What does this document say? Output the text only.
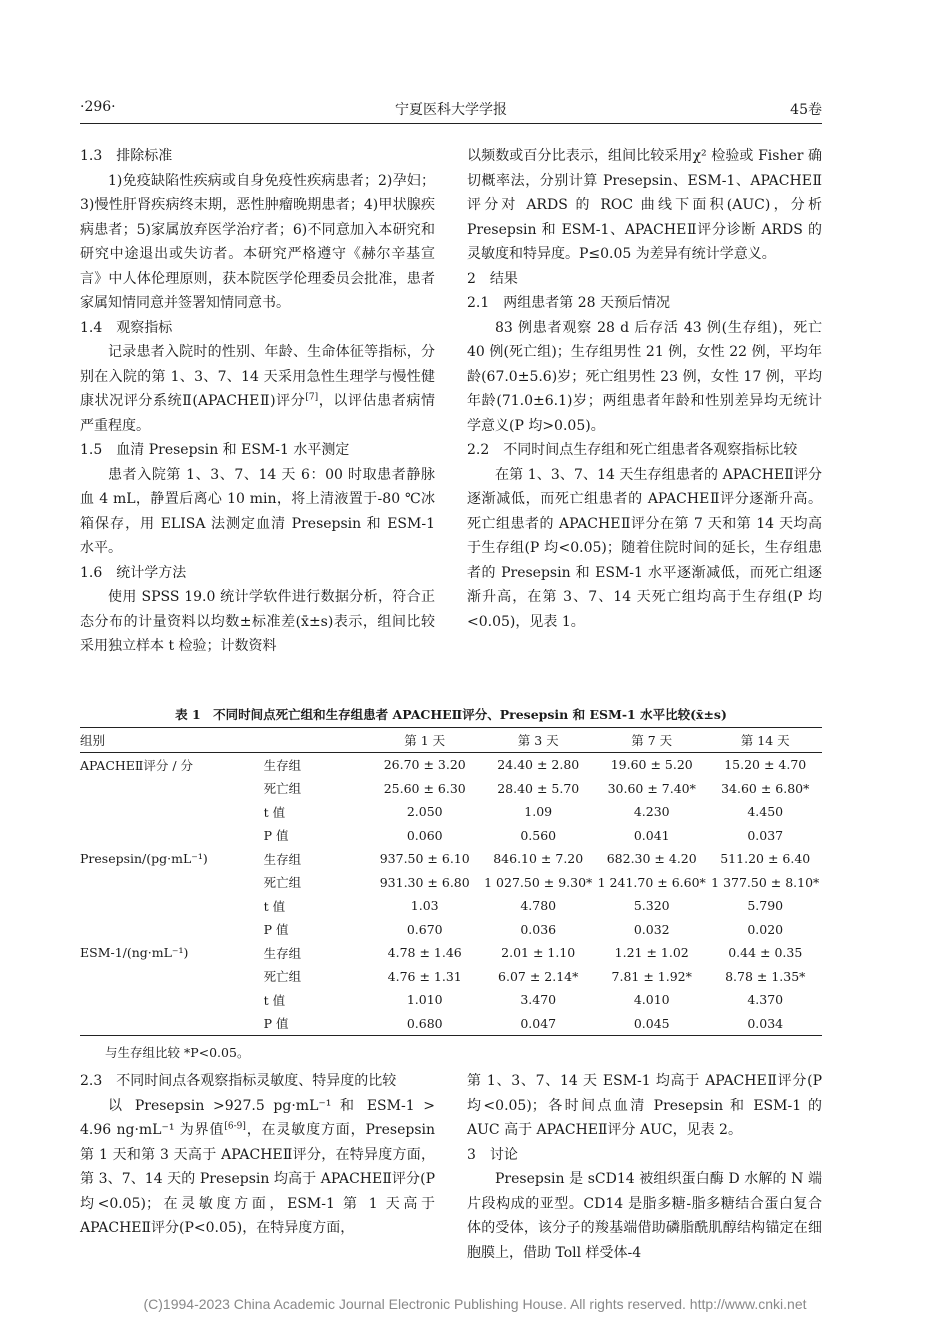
·296·	宁夏医科大学学报	45卷

1.3　排除标准

1)免疫缺陷性疾病或自身免疫性疾病患者；2)孕妇；3)慢性肝肾疾病终末期，恶性肿瘤晚期患者；4)甲状腺疾病患者；5)家属放弃医学治疗者；6)不同意加入本研究和研究中途退出或失访者。本研究严格遵守《赫尔辛基宣言》中人体伦理原则，获本院医学伦理委员会批准，患者家属知情同意并签署知情同意书。

1.4　观察指标

记录患者入院时的性别、年龄、生命体征等指标，分别在入院的第 1、3、7、14 天采用急性生理学与慢性健康状况评分系统Ⅱ(APACHEⅡ)评分[7]，以评估患者病情严重程度。

1.5　血清 Presepsin 和 ESM-1 水平测定

患者入院第 1、3、7、14 天 6：00 时取患者静脉血 4 mL，静置后离心 10 min，将上清液置于-80 ℃冰箱保存，用 ELISA 法测定血清 Presepsin 和 ESM-1 水平。

1.6　统计学方法

使用 SPSS 19.0 统计学软件进行数据分析，符合正态分布的计量资料以均数±标准差(x̄±s)表示，组间比较采用独立样本 t 检验；计数资料

以频数或百分比表示，组间比较采用χ² 检验或 Fisher 确切概率法，分别计算 Presepsin、ESM-1、APACHEⅡ评分对 ARDS 的 ROC 曲线下面积(AUC)，分析 Presepsin 和 ESM-1、APACHEⅡ评分诊断 ARDS 的灵敏度和特异度。P≤0.05 为差异有统计学意义。

2　结果

2.1　两组患者第 28 天预后情况

83 例患者观察 28 d 后存活 43 例(生存组)，死亡 40 例(死亡组)；生存组男性 21 例，女性 22 例，平均年龄(67.0±5.6)岁；死亡组男性 23 例，女性 17 例，平均年龄(71.0±6.1)岁；两组患者年龄和性别差异均无统计学意义(P 均>0.05)。

2.2　不同时间点生存组和死亡组患者各观察指标比较

在第 1、3、7、14 天生存组患者的 APACHEⅡ评分逐渐减低，而死亡组患者的 APACHEⅡ评分逐渐升高。死亡组患者的 APACHEⅡ评分在第 7 天和第 14 天均高于生存组(P 均<0.05)；随着住院时间的延长，生存组患者的 Presepsin 和 ESM-1 水平逐渐减低，而死亡组逐渐升高，在第 3、7、14 天死亡组均高于生存组(P 均<0.05)，见表 1。

表 1　不同时间点死亡组和生存组患者 APACHEⅡ评分、Presepsin 和 ESM-1 水平比较(x̄±s)
组别		第 1 天	第 3 天	第 7 天	第 14 天
APACHEⅡ评分 / 分	生存组	26.70 ± 3.20	24.40 ± 2.80	19.60 ± 5.20	15.20 ± 4.70
	死亡组	25.60 ± 6.30	28.40 ± 5.70	30.60 ± 7.40*	34.60 ± 6.80*
	t 值	2.050	1.09	4.230	4.450
	P 值	0.060	0.560	0.041	0.037
Presepsin/(pg·mL⁻¹)	生存组	937.50 ± 6.10	846.10 ± 7.20	682.30 ± 4.20	511.20 ± 6.40
	死亡组	931.30 ± 6.80	1 027.50 ± 9.30*	1 241.70 ± 6.60*	1 377.50 ± 8.10*
	t 值	1.03	4.780	5.320	5.790
	P 值	0.670	0.036	0.032	0.020
ESM-1/(ng·mL⁻¹)	生存组	4.78 ± 1.46	2.01 ± 1.10	1.21 ± 1.02	0.44 ± 0.35
	死亡组	4.76 ± 1.31	6.07 ± 2.14*	7.81 ± 1.92*	8.78 ± 1.35*
	t 值	1.010	3.470	4.010	4.370
	P 值	0.680	0.047	0.045	0.034
与生存组比较 *P<0.05。

2.3　不同时间点各观察指标灵敏度、特异度的比较

以 Presepsin >927.5 pg·mL⁻¹ 和 ESM-1 > 4.96 ng·mL⁻¹ 为界值[6-9]，在灵敏度方面，Presepsin 第 1 天和第 3 天高于 APACHEⅡ评分，在特异度方面，第 3、7、14 天的 Presepsin 均高于 APACHEⅡ评分(P 均<0.05)；在灵敏度方面，ESM-1 第 1 天高于 APACHEⅡ评分(P<0.05)，在特异度方面，

第 1、3、7、14 天 ESM-1 均高于 APACHEⅡ评分(P 均<0.05)；各时间点血清 Presepsin 和 ESM-1 的 AUC 高于 APACHEⅡ评分 AUC，见表 2。

3　讨论

Presepsin 是 sCD14 被组织蛋白酶 D 水解的 N 端片段构成的亚型。CD14 是脂多糖-脂多糖结合蛋白复合体的受体，该分子的羧基端借助磷脂酰肌醇结构锚定在细胞膜上，借助 Toll 样受体-4

(C)1994-2023 China Academic Journal Electronic Publishing House. All rights reserved. http://www.cnki.net
